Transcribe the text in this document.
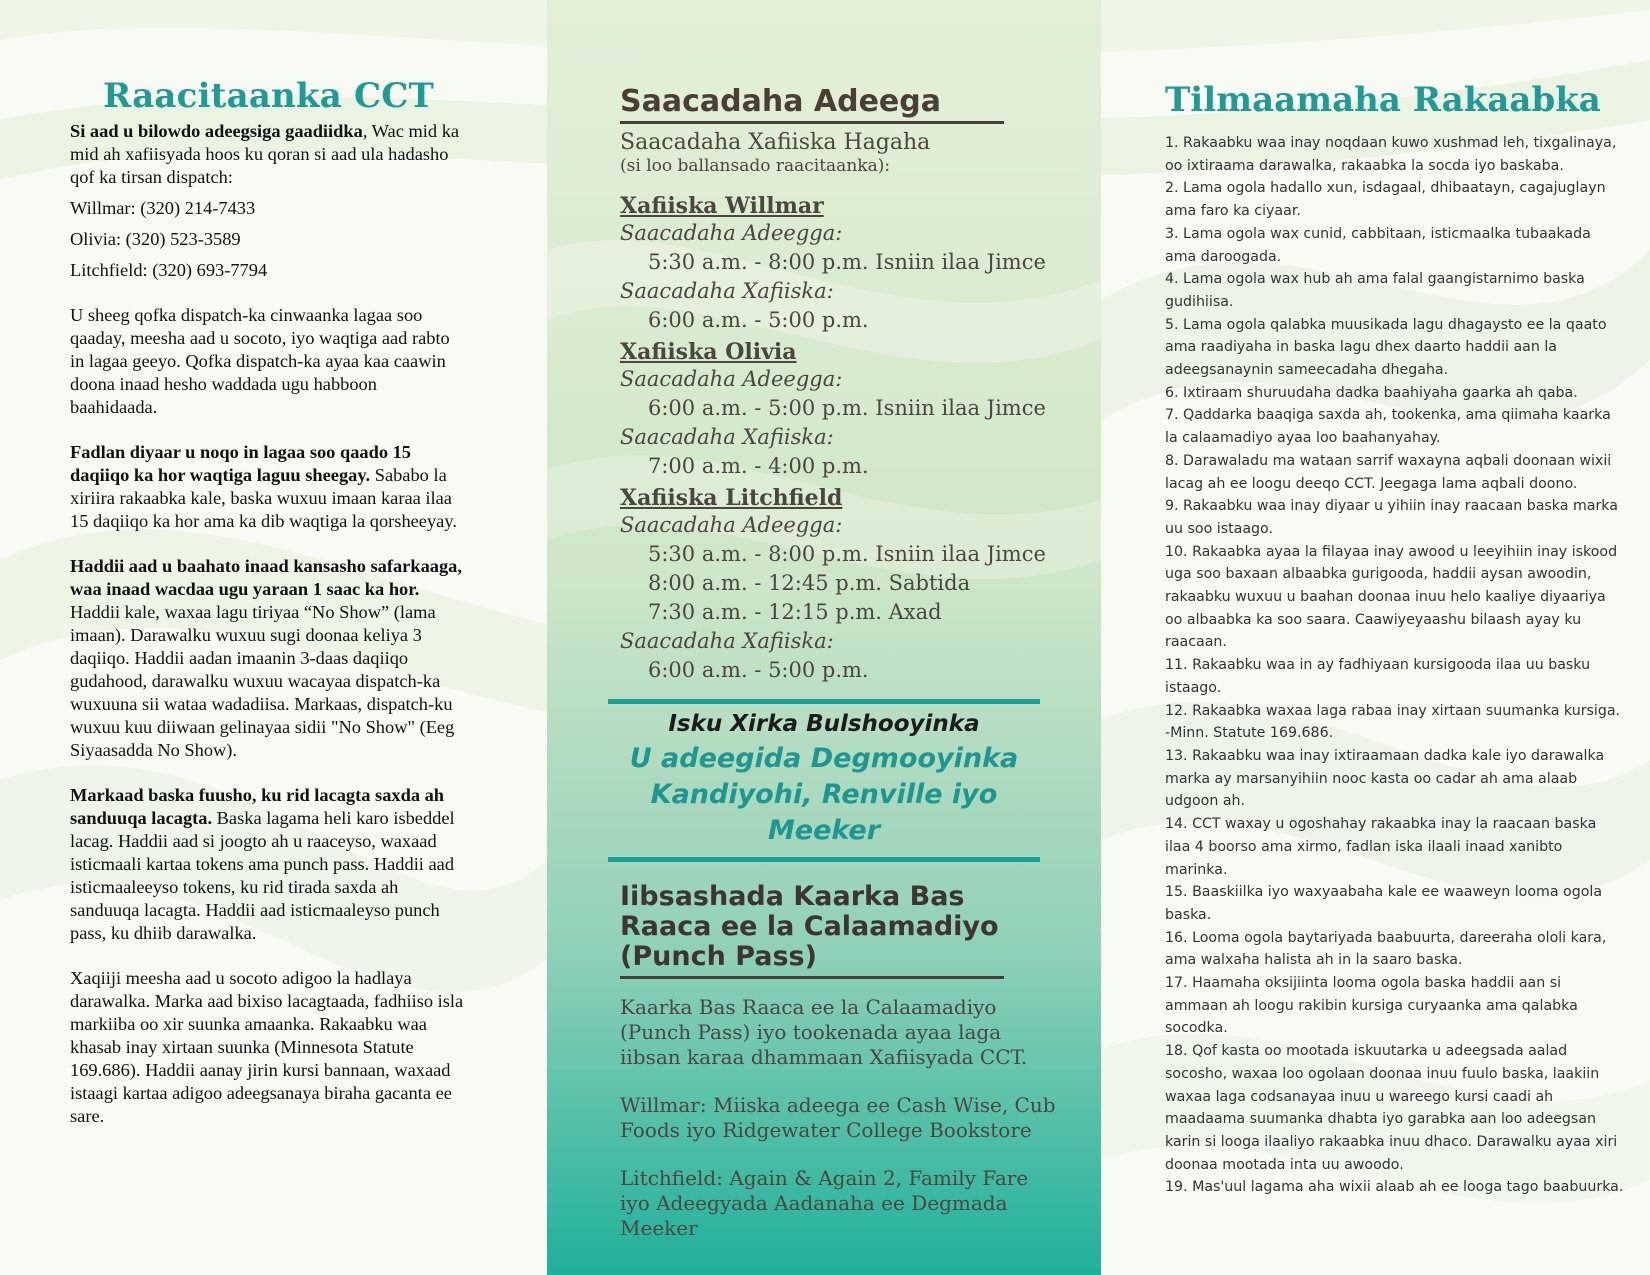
Raacitaanka CCT

Si aad u bilowdo adeegsiga gaadiidka, Wac mid ka mid ah xafiisyada hoos ku qoran si aad ula hadasho qof ka tirsan dispatch:

Willmar: (320) 214-7433

Olivia: (320) 523-3589

Litchfield: (320) 693-7794

U sheeg qofka dispatch-ka cinwaanka lagaa soo qaaday, meesha aad u socoto, iyo waqtiga aad rabto in lagaa geeyo. Qofka dispatch-ka ayaa kaa caawin doona inaad hesho waddada ugu habboon baahidaada.

Fadlan diyaar u noqo in lagaa soo qaado 15 daqiiqo ka hor waqtiga laguu sheegay. Sababo la xiriira rakaabka kale, baska wuxuu imaan karaa ilaa 15 daqiiqo ka hor ama ka dib waqtiga la qorsheeyay.

Haddii aad u baahato inaad kansasho safarkaaga, waa inaad wacdaa ugu yaraan 1 saac ka hor. Haddii kale, waxaa lagu tiriyaa “No Show” (lama imaan). Darawalku wuxuu sugi doonaa keliya 3 daqiiqo. Haddii aadan imaanin 3-daas daqiiqo gudahood, darawalku wuxuu wacayaa dispatch-ka wuxuuna sii wataa wadadiisa. Markaas, dispatch-ku wuxuu kuu diiwaan gelinayaa sidii "No Show" (Eeg Siyaasadda No Show).

Markaad baska fuusho, ku rid lacagta saxda ah sanduuqa lacagta. Baska lagama heli karo isbeddel lacag. Haddii aad si joogto ah u raaceyso, waxaad isticmaali kartaa tokens ama punch pass. Haddii aad isticmaaleeyso tokens, ku rid tirada saxda ah sanduuqa lacagta. Haddii aad isticmaaleyso punch pass, ku dhiib darawalka.

Xaqiiji meesha aad u socoto adigoo la hadlaya darawalka. Marka aad bixiso lacagtaada, fadhiiso isla markiiba oo xir suunka amaanka. Rakaabku waa khasab inay xirtaan suunka (Minnesota Statute 169.686). Haddii aanay jirin kursi bannaan, waxaad istaagi kartaa adigoo adeegsanaya biraha gacanta ee sare.

Saacadaha Adeega
Saacadaha Xafiiska Hagaha
(si loo ballansado raacitaanka):
Xafiiska Willmar
Saacadaha Adeegga:
5:30 a.m. - 8:00 p.m. Isniin ilaa Jimce
Saacadaha Xafiiska:
6:00 a.m. - 5:00 p.m.
Xafiiska Olivia
Saacadaha Adeegga:
6:00 a.m. - 5:00 p.m. Isniin ilaa Jimce
Saacadaha Xafiiska:
7:00 a.m. - 4:00 p.m.
Xafiiska Litchfield
Saacadaha Adeegga:
5:30 a.m. - 8:00 p.m. Isniin ilaa Jimce
8:00 a.m. - 12:45 p.m. Sabtida
7:30 a.m. - 12:15 p.m. Axad
Saacadaha Xafiiska:
6:00 a.m. - 5:00 p.m.
Isku Xirka Bulshooyinka
U adeegida Degmooyinka
Kandiyohi, Renville iyo Meeker
Iibsashada Kaarka Bas Raaca ee la Calaamadiyo (Punch Pass)
Kaarka Bas Raaca ee la Calaamadiyo (Punch Pass) iyo tookenada ayaa laga iibsan karaa dhammaan Xafiisyada CCT.
Willmar: Miiska adeega ee Cash Wise, Cub Foods iyo Ridgewater College Bookstore
Litchfield: Again & Again 2, Family Fare iyo Adeegyada Aadanaha ee Degmada Meeker
Tilmaamaha Rakaabka
1. Rakaabku waa inay noqdaan kuwo xushmad leh, tixgalinaya, oo ixtiraama darawalka, rakaabka la socda iyo baskaba.
2. Lama ogola hadallo xun, isdagaal, dhibaatayn, cagajuglayn ama faro ka ciyaar.
3. Lama ogola wax cunid, cabbitaan, isticmaalka tubaakada ama daroogada.
4. Lama ogola wax hub ah ama falal gaangistarnimo baska gudihiisa.
5. Lama ogola qalabka muusikada lagu dhagaysto ee la qaato ama raadiyaha in baska lagu dhex daarto haddii aan la adeegsanaynin sameecadaha dhegaha.
6. Ixtiraam shuruudaha dadka baahiyaha gaarka ah qaba.
7. Qaddarka baaqiga saxda ah, tookenka, ama qiimaha kaarka la calaamadiyo ayaa loo baahanyahay.
8. Darawaladu ma wataan sarrif waxayna aqbali doonaan wixii lacag ah ee loogu deeqo CCT. Jeegaga lama aqbali doono.
9. Rakaabku waa inay diyaar u yihiin inay raacaan baska marka uu soo istaago.
10. Rakaabka ayaa la filayaa inay awood u leeyihiin inay iskood uga soo baxaan albaabka gurigooda, haddii aysan awoodin, rakaabku wuxuu u baahan doonaa inuu helo kaaliye diyaariya oo albaabka ka soo saara. Caawiyeyaashu bilaash ayay ku raacaan.
11. Rakaabku waa in ay fadhiyaan kursigooda ilaa uu basku istaago.
12. Rakaabka waxaa laga rabaa inay xirtaan suumanka kursiga. -Minn. Statute 169.686.
13. Rakaabku waa inay ixtiraamaan dadka kale iyo darawalka marka ay marsanyihiin nooc kasta oo cadar ah ama alaab udgoon ah.
14. CCT waxay u ogoshahay rakaabka inay la raacaan baska ilaa 4 boorso ama xirmo, fadlan iska ilaali inaad xanibto marinka.
15. Baaskiilka iyo waxyaabaha kale ee waaweyn looma ogola baska.
16. Looma ogola baytariyada baabuurta, dareeraha ololi kara, ama walxaha halista ah in la saaro baska.
17. Haamaha oksijiinta looma ogola baska haddii aan si ammaan ah loogu rakibin kursiga curyaanka ama qalabka socodka.
18. Qof kasta oo mootada iskuutarka u adeegsada aalad socosho, waxaa loo ogolaan doonaa inuu fuulo baska, laakiin waxaa laga codsanayaa inuu u wareego kursi caadi ah maadaama suumanka dhabta iyo garabka aan loo adeegsan karin si looga ilaaliyo rakaabka inuu dhaco. Darawalku ayaa xiri doonaa mootada inta uu awoodo.
19. Mas'uul lagama aha wixii alaab ah ee looga tago baabuurka.
